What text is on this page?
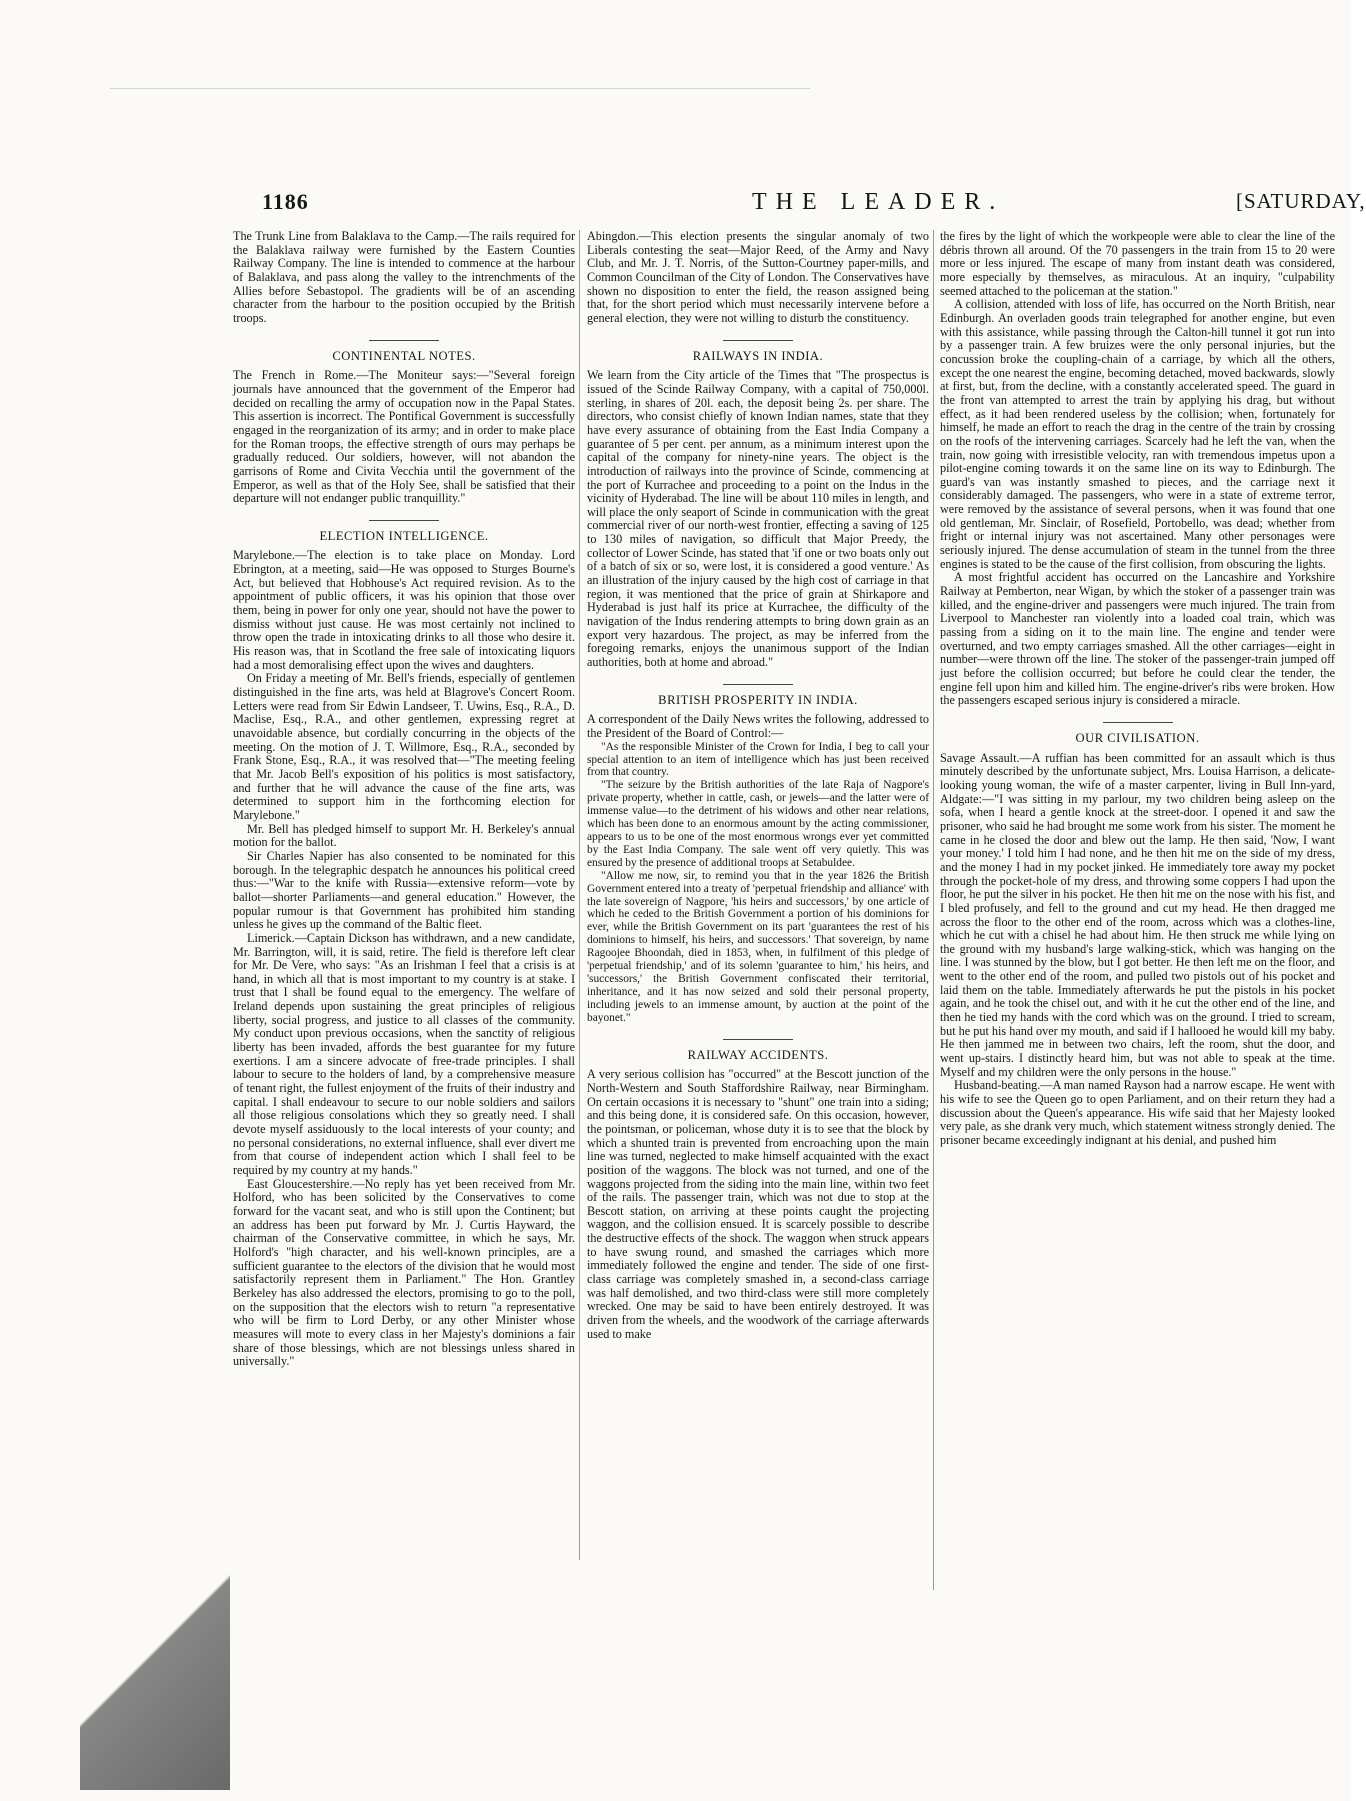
1186	THE LEADER.	[SATURDAY,

The Trunk Line from Balaklava to the Camp.—The rails required for the Balaklava railway were furnished by the Eastern Counties Railway Company. The line is intended to commence at the harbour of Balaklava, and pass along the valley to the intrenchments of the Allies before Sebastopol. The gradients will be of an ascending character from the harbour to the position occupied by the British troops.

CONTINENTAL NOTES.

The French in Rome.—The Moniteur says:—"Several foreign journals have announced that the government of the Emperor had decided on recalling the army of occupation now in the Papal States. This assertion is incorrect. The Pontifical Government is successfully engaged in the reorganization of its army; and in order to make place for the Roman troops, the effective strength of ours may perhaps be gradually reduced. Our soldiers, however, will not abandon the garrisons of Rome and Civita Vecchia until the government of the Emperor, as well as that of the Holy See, shall be satisfied that their departure will not endanger public tranquillity."

ELECTION INTELLIGENCE.

Marylebone.—The election is to take place on Monday. Lord Ebrington, at a meeting, said—He was opposed to Sturges Bourne's Act, but believed that Hobhouse's Act required revision. As to the appointment of public officers, it was his opinion that those over them, being in power for only one year, should not have the power to dismiss without just cause. He was most certainly not inclined to throw open the trade in intoxicating drinks to all those who desire it. His reason was, that in Scotland the free sale of intoxicating liquors had a most demoralising effect upon the wives and daughters.

On Friday a meeting of Mr. Bell's friends, especially of gentlemen distinguished in the fine arts, was held at Blagrove's Concert Room. Letters were read from Sir Edwin Landseer, T. Uwins, Esq., R.A., D. Maclise, Esq., R.A., and other gentlemen, expressing regret at unavoidable absence, but cordially concurring in the objects of the meeting. On the motion of J. T. Willmore, Esq., R.A., seconded by Frank Stone, Esq., R.A., it was resolved that—"The meeting feeling that Mr. Jacob Bell's exposition of his politics is most satisfactory, and further that he will advance the cause of the fine arts, was determined to support him in the forthcoming election for Marylebone."

Mr. Bell has pledged himself to support Mr. H. Berkeley's annual motion for the ballot.

Sir Charles Napier has also consented to be nominated for this borough. In the telegraphic despatch he announces his political creed thus:—"War to the knife with Russia—extensive reform—vote by ballot—shorter Parliaments—and general education." However, the popular rumour is that Government has prohibited him standing unless he gives up the command of the Baltic fleet.

Limerick.—Captain Dickson has withdrawn, and a new candidate, Mr. Barrington, will, it is said, retire. The field is therefore left clear for Mr. De Vere, who says: "As an Irishman I feel that a crisis is at hand, in which all that is most important to my country is at stake. I trust that I shall be found equal to the emergency. The welfare of Ireland depends upon sustaining the great principles of religious liberty, social progress, and justice to all classes of the community. My conduct upon previous occasions, when the sanctity of religious liberty has been invaded, affords the best guarantee for my future exertions. I am a sincere advocate of free-trade principles. I shall labour to secure to the holders of land, by a comprehensive measure of tenant right, the fullest enjoyment of the fruits of their industry and capital. I shall endeavour to secure to our noble soldiers and sailors all those religious consolations which they so greatly need. I shall devote myself assiduously to the local interests of your county; and no personal considerations, no external influence, shall ever divert me from that course of independent action which I shall feel to be required by my country at my hands."

East Gloucestershire.—No reply has yet been received from Mr. Holford, who has been solicited by the Conservatives to come forward for the vacant seat, and who is still upon the Continent; but an address has been put forward by Mr. J. Curtis Hayward, the chairman of the Conservative committee, in which he says, Mr. Holford's "high character, and his well-known principles, are a sufficient guarantee to the electors of the division that he would most satisfactorily represent them in Parliament." The Hon. Grantley Berkeley has also addressed the electors, promising to go to the poll, on the supposition that the electors wish to return "a representative who will be firm to Lord Derby, or any other Minister whose measures will mote to every class in her Majesty's dominions a fair share of those blessings, which are not blessings unless shared in universally."

Abingdon.—This election presents the singular anomaly of two Liberals contesting the seat—Major Reed, of the Army and Navy Club, and Mr. J. T. Norris, of the Sutton-Courtney paper-mills, and Common Councilman of the City of London. The Conservatives have shown no disposition to enter the field, the reason assigned being that, for the short period which must necessarily intervene before a general election, they were not willing to disturb the constituency.

RAILWAYS IN INDIA.

We learn from the City article of the Times that "The prospectus is issued of the Scinde Railway Company, with a capital of 750,000l. sterling, in shares of 20l. each, the deposit being 2s. per share. The directors, who consist chiefly of known Indian names, state that they have every assurance of obtaining from the East India Company a guarantee of 5 per cent. per annum, as a minimum interest upon the capital of the company for ninety-nine years. The object is the introduction of railways into the province of Scinde, commencing at the port of Kurrachee and proceeding to a point on the Indus in the vicinity of Hyderabad. The line will be about 110 miles in length, and will place the only seaport of Scinde in communication with the great commercial river of our north-west frontier, effecting a saving of 125 to 130 miles of navigation, so difficult that Major Preedy, the collector of Lower Scinde, has stated that 'if one or two boats only out of a batch of six or so, were lost, it is considered a good venture.' As an illustration of the injury caused by the high cost of carriage in that region, it was mentioned that the price of grain at Shirkapore and Hyderabad is just half its price at Kurrachee, the difficulty of the navigation of the Indus rendering attempts to bring down grain as an export very hazardous. The project, as may be inferred from the foregoing remarks, enjoys the unanimous support of the Indian authorities, both at home and abroad."

BRITISH PROSPERITY IN INDIA.

A correspondent of the Daily News writes the following, addressed to the President of the Board of Control:—

"As the responsible Minister of the Crown for India, I beg to call your special attention to an item of intelligence which has just been received from that country.

"The seizure by the British authorities of the late Raja of Nagpore's private property, whether in cattle, cash, or jewels—and the latter were of immense value—to the detriment of his widows and other near relations, which has been done to an enormous amount by the acting commissioner, appears to us to be one of the most enormous wrongs ever yet committed by the East India Company. The sale went off very quietly. This was ensured by the presence of additional troops at Setabuldee.

"Allow me now, sir, to remind you that in the year 1826 the British Government entered into a treaty of 'perpetual friendship and alliance' with the late sovereign of Nagpore, 'his heirs and successors,' by one article of which he ceded to the British Government a portion of his dominions for ever, while the British Government on its part 'guarantees the rest of his dominions to himself, his heirs, and successors.' That sovereign, by name Ragoojee Bhoondah, died in 1853, when, in fulfilment of this pledge of 'perpetual friendship,' and of its solemn 'guarantee to him,' his heirs, and 'successors,' the British Government confiscated their territorial, inheritance, and it has now seized and sold their personal property, including jewels to an immense amount, by auction at the point of the bayonet."

RAILWAY ACCIDENTS.

A very serious collision has "occurred" at the Bescott junction of the North-Western and South Staffordshire Railway, near Birmingham. On certain occasions it is necessary to "shunt" one train into a siding; and this being done, it is considered safe. On this occasion, however, the pointsman, or policeman, whose duty it is to see that the block by which a shunted train is prevented from encroaching upon the main line was turned, neglected to make himself acquainted with the exact position of the waggons. The block was not turned, and one of the waggons projected from the siding into the main line, within two feet of the rails. The passenger train, which was not due to stop at the Bescott station, on arriving at these points caught the projecting waggon, and the collision ensued. It is scarcely possible to describe the destructive effects of the shock. The waggon when struck appears to have swung round, and smashed the carriages which more immediately followed the engine and tender. The side of one first-class carriage was completely smashed in, a second-class carriage was half demolished, and two third-class were still more completely wrecked. One may be said to have been entirely destroyed. It was driven from the wheels, and the woodwork of the carriage afterwards used to make

the fires by the light of which the workpeople were able to clear the line of the débris thrown all around. Of the 70 passengers in the train from 15 to 20 were more or less injured. The escape of many from instant death was considered, more especially by themselves, as miraculous. At an inquiry, "culpability seemed attached to the policeman at the station."

A collision, attended with loss of life, has occurred on the North British, near Edinburgh. An overladen goods train telegraphed for another engine, but even with this assistance, while passing through the Calton-hill tunnel it got run into by a passenger train. A few bruizes were the only personal injuries, but the concussion broke the coupling-chain of a carriage, by which all the others, except the one nearest the engine, becoming detached, moved backwards, slowly at first, but, from the decline, with a constantly accelerated speed. The guard in the front van attempted to arrest the train by applying his drag, but without effect, as it had been rendered useless by the collision; when, fortunately for himself, he made an effort to reach the drag in the centre of the train by crossing on the roofs of the intervening carriages. Scarcely had he left the van, when the train, now going with irresistible velocity, ran with tremendous impetus upon a pilot-engine coming towards it on the same line on its way to Edinburgh. The guard's van was instantly smashed to pieces, and the carriage next it considerably damaged. The passengers, who were in a state of extreme terror, were removed by the assistance of several persons, when it was found that one old gentleman, Mr. Sinclair, of Rosefield, Portobello, was dead; whether from fright or internal injury was not ascertained. Many other personages were seriously injured. The dense accumulation of steam in the tunnel from the three engines is stated to be the cause of the first collision, from obscuring the lights.

A most frightful accident has occurred on the Lancashire and Yorkshire Railway at Pemberton, near Wigan, by which the stoker of a passenger train was killed, and the engine-driver and passengers were much injured. The train from Liverpool to Manchester ran violently into a loaded coal train, which was passing from a siding on it to the main line. The engine and tender were overturned, and two empty carriages smashed. All the other carriages—eight in number—were thrown off the line. The stoker of the passenger-train jumped off just before the collision occurred; but before he could clear the tender, the engine fell upon him and killed him. The engine-driver's ribs were broken. How the passengers escaped serious injury is considered a miracle.

OUR CIVILISATION.

Savage Assault.—A ruffian has been committed for an assault which is thus minutely described by the unfortunate subject, Mrs. Louisa Harrison, a delicate-looking young woman, the wife of a master carpenter, living in Bull Inn-yard, Aldgate:—"I was sitting in my parlour, my two children being asleep on the sofa, when I heard a gentle knock at the street-door. I opened it and saw the prisoner, who said he had brought me some work from his sister. The moment he came in he closed the door and blew out the lamp. He then said, 'Now, I want your money.' I told him I had none, and he then hit me on the side of my dress, and the money I had in my pocket jinked. He immediately tore away my pocket through the pocket-hole of my dress, and throwing some coppers I had upon the floor, he put the silver in his pocket. He then hit me on the nose with his fist, and I bled profusely, and fell to the ground and cut my head. He then dragged me across the floor to the other end of the room, across which was a clothes-line, which he cut with a chisel he had about him. He then struck me while lying on the ground with my husband's large walking-stick, which was hanging on the line. I was stunned by the blow, but I got better. He then left me on the floor, and went to the other end of the room, and pulled two pistols out of his pocket and laid them on the table. Immediately afterwards he put the pistols in his pocket again, and he took the chisel out, and with it he cut the other end of the line, and then he tied my hands with the cord which was on the ground. I tried to scream, but he put his hand over my mouth, and said if I hallooed he would kill my baby. He then jammed me in between two chairs, left the room, shut the door, and went up-stairs. I distinctly heard him, but was not able to speak at the time. Myself and my children were the only persons in the house."

Husband-beating.—A man named Rayson had a narrow escape. He went with his wife to see the Queen go to open Parliament, and on their return they had a discussion about the Queen's appearance. His wife said that her Majesty looked very pale, as she drank very much, which statement witness strongly denied. The prisoner became exceedingly indignant at his denial, and pushed him
